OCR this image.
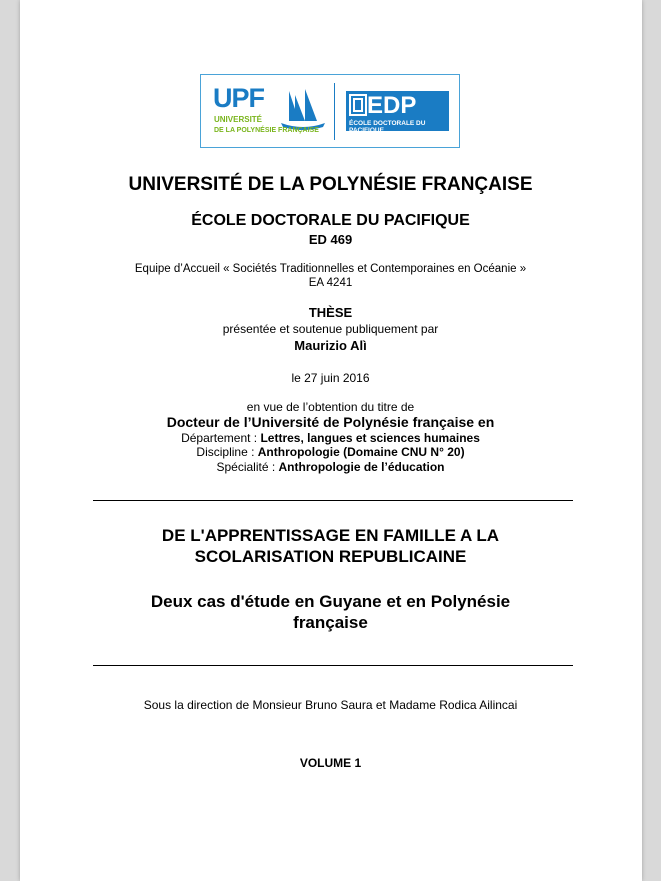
UPF
UNIVERSITÉ
DE LA POLYNÉSIE FRANÇAISE
EDP
ÉCOLE DOCTORALE DU PACIFIQUE
UNIVERSITÉ DE LA POLYNÉSIE FRANÇAISE
ÉCOLE DOCTORALE DU PACIFIQUE
ED 469
Equipe d’Accueil « Sociétés Traditionnelles et Contemporaines en Océanie »
EA 4241
THÈSE
présentée et soutenue publiquement par
Maurizio Alì
le 27 juin 2016
en vue de l’obtention du titre de
Docteur de l’Université de Polynésie française en
Département : Lettres, langues et sciences humaines
Discipline : Anthropologie (Domaine CNU N° 20)
Spécialité : Anthropologie de l’éducation
DE L'APPRENTISSAGE EN FAMILLE A LA
SCOLARISATION REPUBLICAINE
Deux cas d'étude en Guyane et en Polynésie
française
Sous la direction de Monsieur Bruno Saura et Madame Rodica Ailincai
VOLUME 1
